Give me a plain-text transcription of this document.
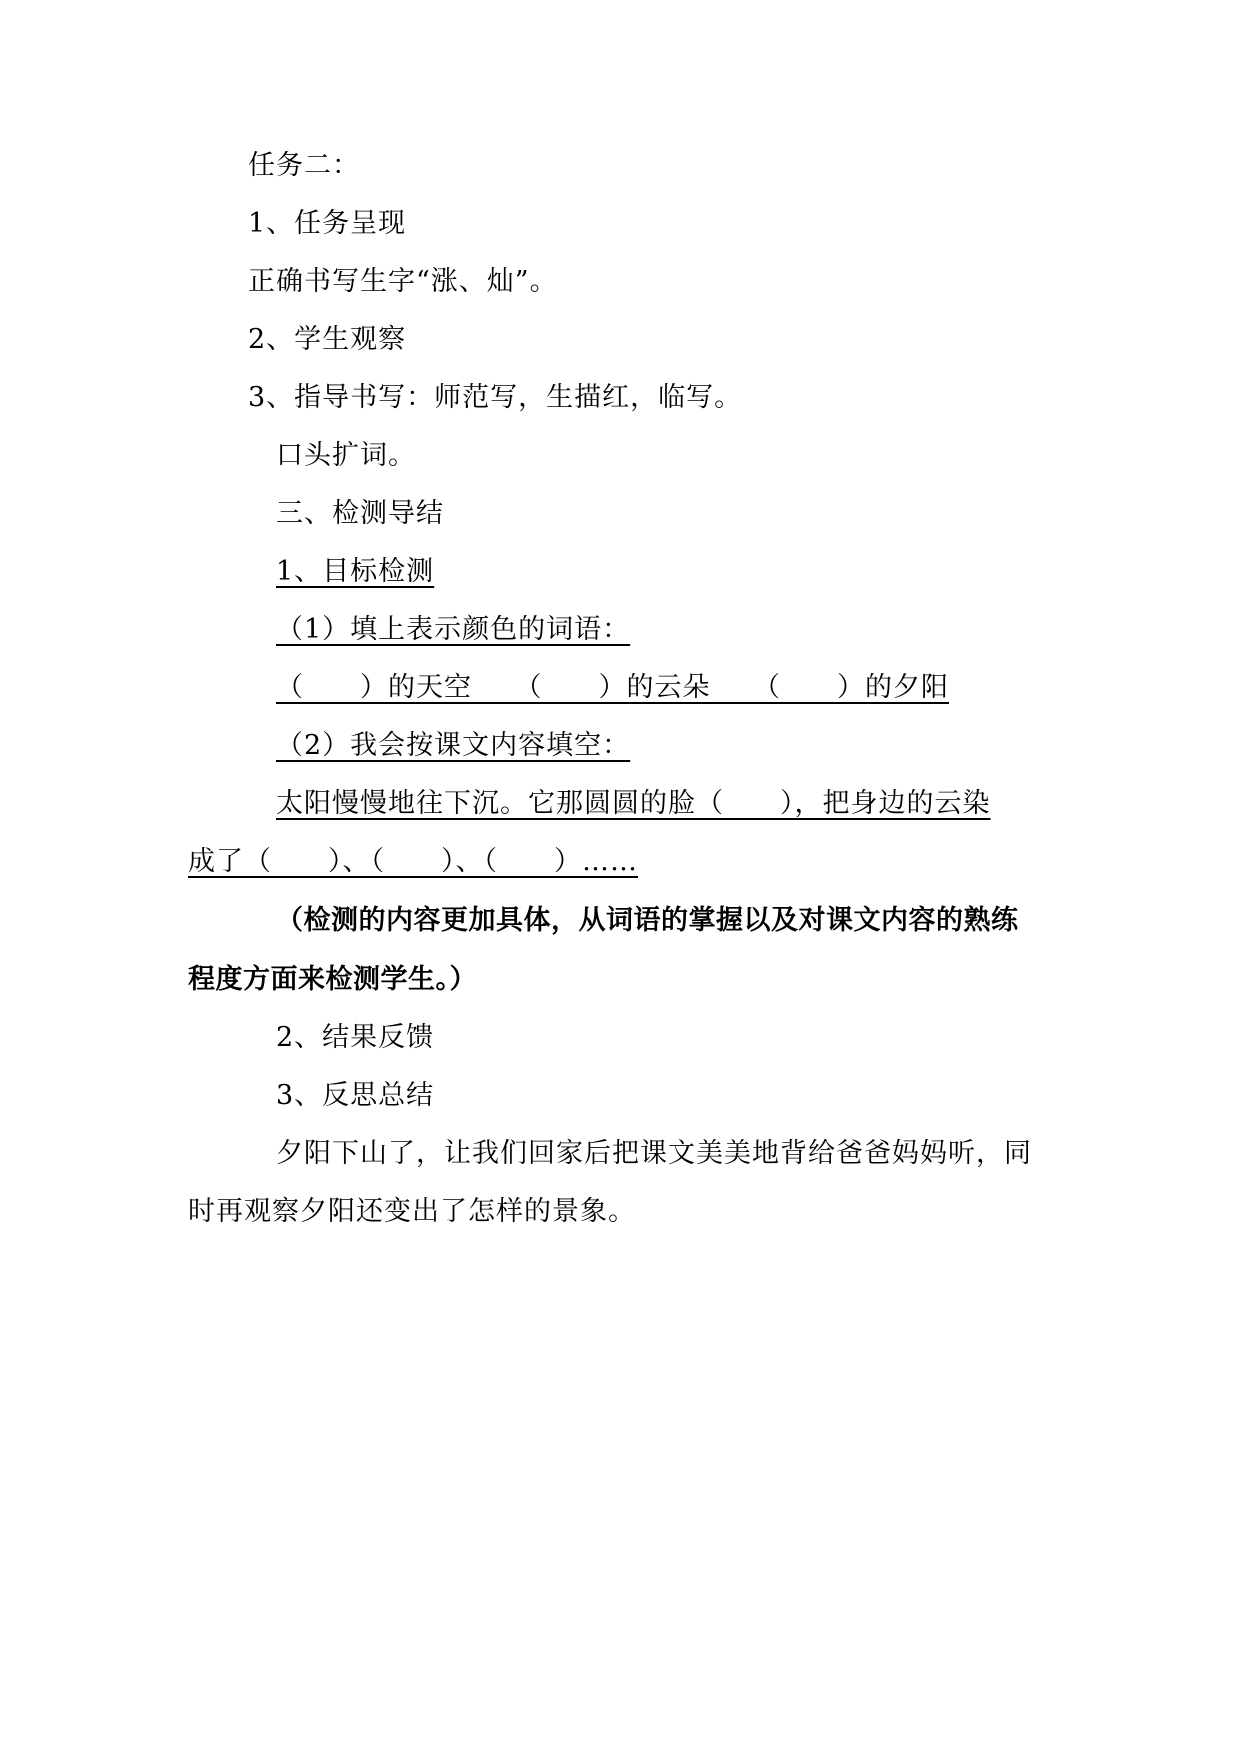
任务二：
1、任务呈现
正确书写生字“涨、灿”。
2、学生观察
3、指导书写：师范写，生描红，临写。
口头扩词。
三、检测导结
1、目标检测
（1）填上表示颜色的词语：
（　　）的天空　　（　　）的云朵　　（　　）的夕阳
（2）我会按课文内容填空：
太阳慢慢地往下沉。它那圆圆的脸（　　），把身边的云染
成了（　　）、（　　）、（　　）……
（检测的内容更加具体，从词语的掌握以及对课文内容的熟练
程度方面来检测学生。）
2、结果反馈
3、反思总结
夕阳下山了，让我们回家后把课文美美地背给爸爸妈妈听，同
时再观察夕阳还变出了怎样的景象。
